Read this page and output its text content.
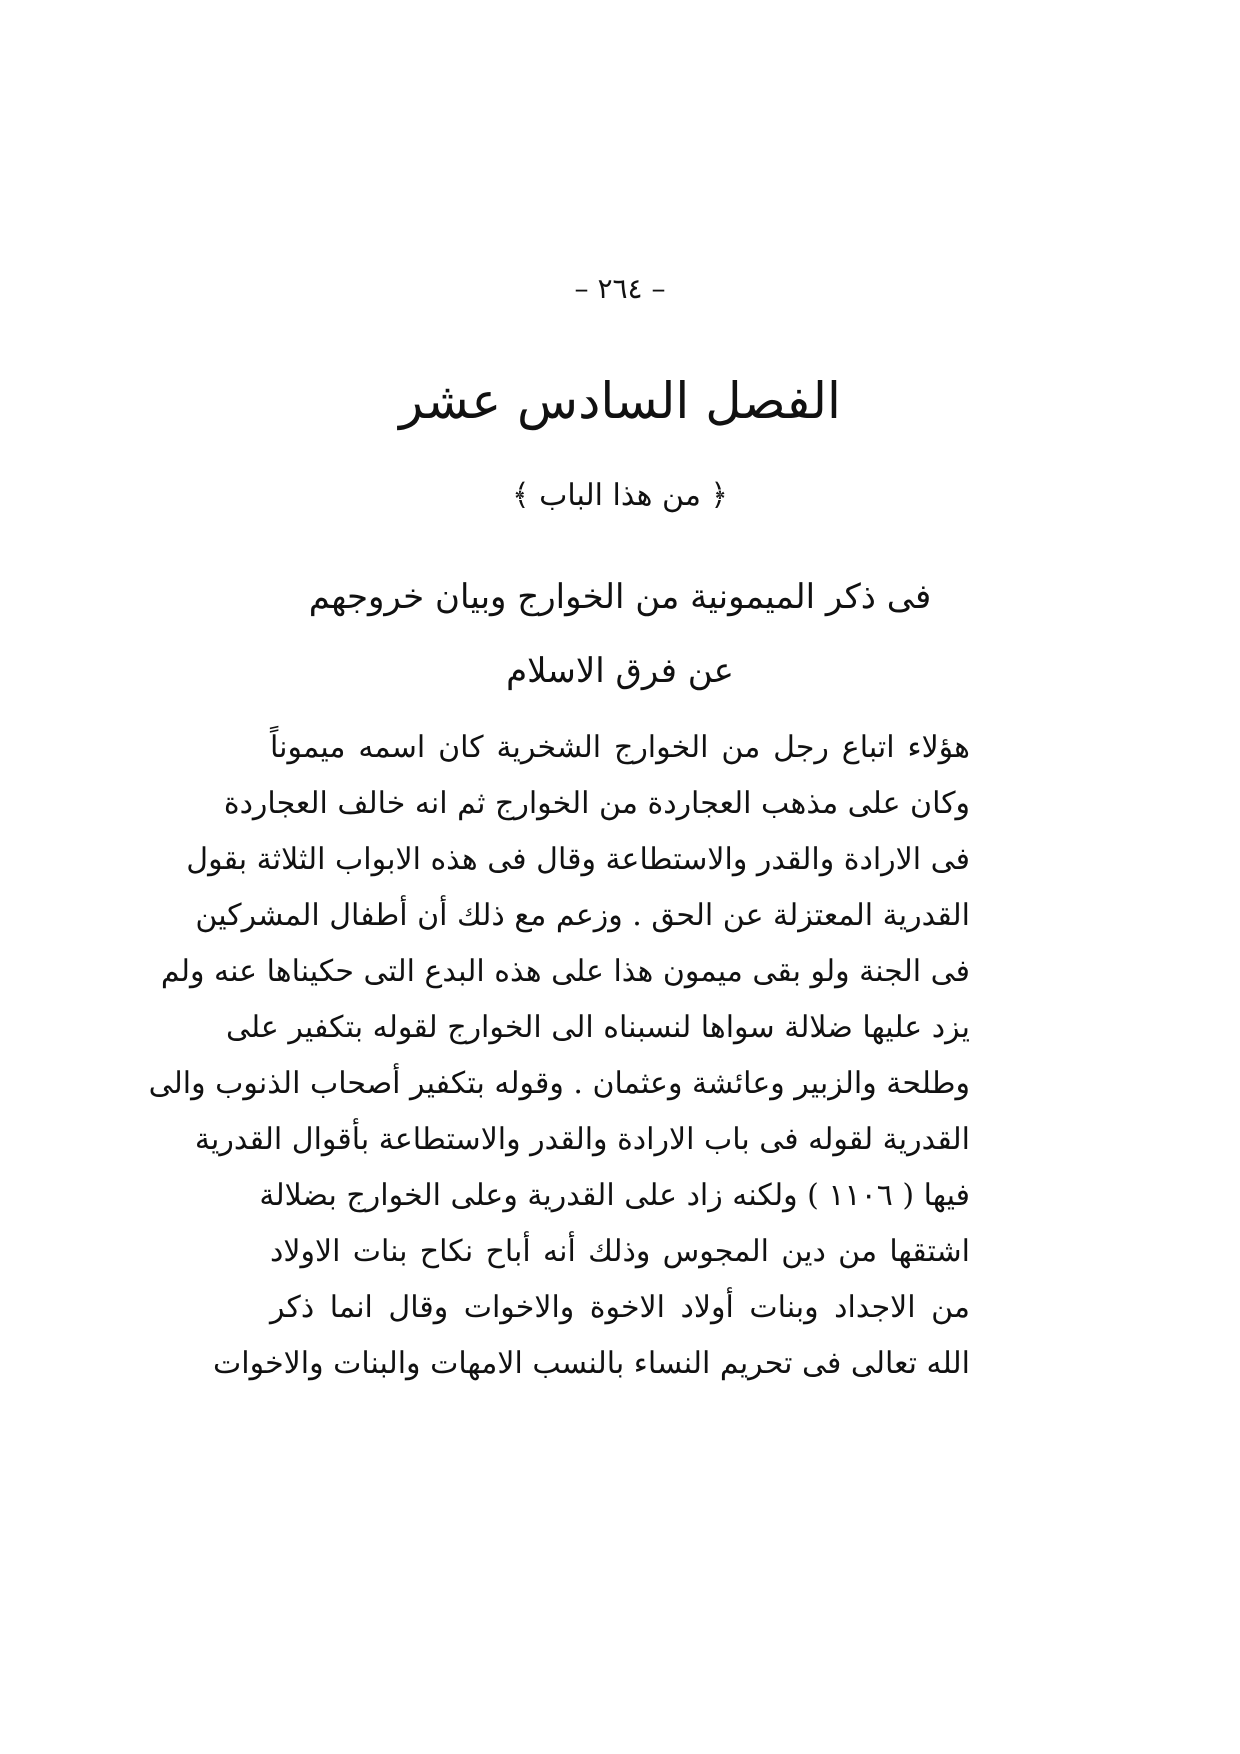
– ٢٦٤ –
الفصل السادس عشر
﴿ من هذا الباب ﴾
فى ذكر الميمونية من الخوارج وبيان خروجهم
عن فرق الاسلام
هؤلاء اتباع رجل من الخوارج الشخرية كان اسمه ميموناً
وكان على مذهب العجاردة من الخوارج ثم انه خالف العجاردة
فى الارادة والقدر والاستطاعة وقال فى هذه الابواب الثلاثة بقول
القدرية المعتزلة عن الحق . وزعم مع ذلك أن أطفال المشركين
فى الجنة ولو بقى ميمون هذا على هذه البدع التى حكيناها عنه ولم
يزد عليها ضلالة سواها لنسبناه الى الخوارج لقوله بتكفير على
وطلحة والزبير وعائشة وعثمان . وقوله بتكفير أصحاب الذنوب والى
القدرية لقوله فى باب الارادة والقدر والاستطاعة بأقوال القدرية
فيها ( ١١٠٦ ) ولكنه زاد على القدرية وعلى الخوارج بضلالة
اشتقها من دين المجوس وذلك أنه أباح نكاح بنات الاولاد
من الاجداد وبنات أولاد الاخوة والاخوات وقال انما ذكر
الله تعالى فى تحريم النساء بالنسب الامهات والبنات والاخوات
